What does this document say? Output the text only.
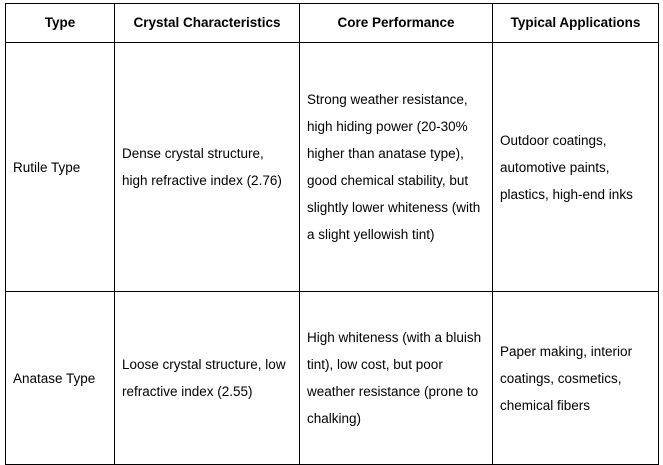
Type	Crystal Characteristics	Core Performance	Typical Applications

Rutile Type	Dense crystal structure, high refractive index (2.76)	Strong weather resistance, high hiding power (20-30% higher than anatase type), good chemical stability, but slightly lower whiteness (with a slight yellowish tint)	Outdoor coatings, automotive paints, plastics, high-end inks

Anatase Type	Loose crystal structure, low refractive index (2.55)	High whiteness (with a bluish tint), low cost, but poor weather resistance (prone to chalking)	Paper making, interior coatings, cosmetics, chemical fibers
